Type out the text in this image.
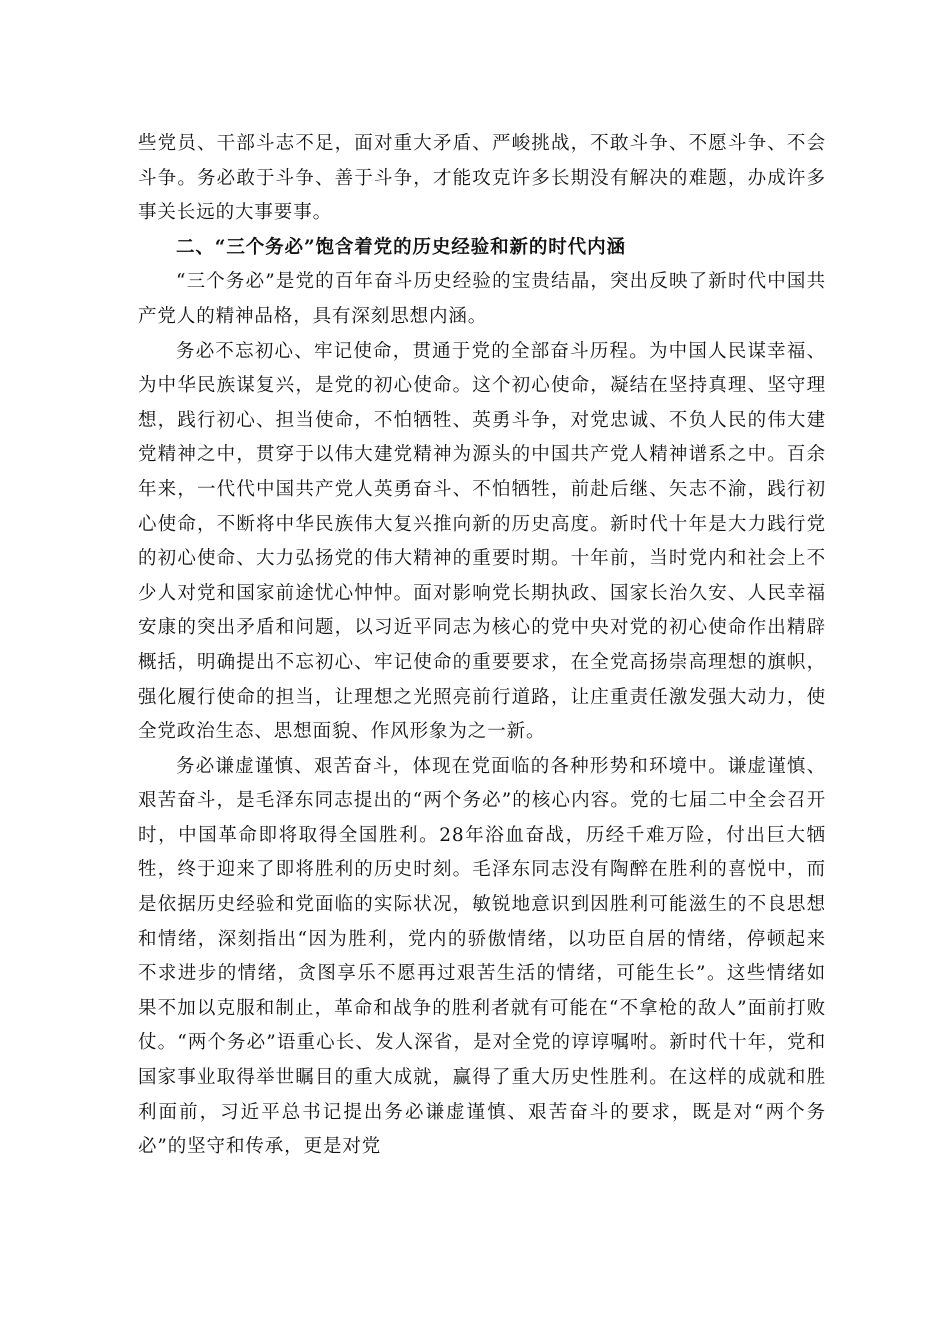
些党员、干部斗志不足，面对重大矛盾、严峻挑战，不敢斗争、不愿斗争、不会斗争。务必敢于斗争、善于斗争，才能攻克许多长期没有解决的难题，办成许多事关长远的大事要事。

二、“三个务必”饱含着党的历史经验和新的时代内涵

“三个务必”是党的百年奋斗历史经验的宝贵结晶，突出反映了新时代中国共产党人的精神品格，具有深刻思想内涵。

务必不忘初心、牢记使命，贯通于党的全部奋斗历程。为中国人民谋幸福、为中华民族谋复兴，是党的初心使命。这个初心使命，凝结在坚持真理、坚守理想，践行初心、担当使命，不怕牺牲、英勇斗争，对党忠诚、不负人民的伟大建党精神之中，贯穿于以伟大建党精神为源头的中国共产党人精神谱系之中。百余年来，一代代中国共产党人英勇奋斗、不怕牺牲，前赴后继、矢志不渝，践行初心使命，不断将中华民族伟大复兴推向新的历史高度。新时代十年是大力践行党的初心使命、大力弘扬党的伟大精神的重要时期。十年前，当时党内和社会上不少人对党和国家前途忧心忡忡。面对影响党长期执政、国家长治久安、人民幸福安康的突出矛盾和问题，以习近平同志为核心的党中央对党的初心使命作出精辟概括，明确提出不忘初心、牢记使命的重要要求，在全党高扬崇高理想的旗帜，强化履行使命的担当，让理想之光照亮前行道路，让庄重责任激发强大动力，使全党政治生态、思想面貌、作风形象为之一新。

务必谦虚谨慎、艰苦奋斗，体现在党面临的各种形势和环境中。谦虚谨慎、艰苦奋斗，是毛泽东同志提出的“两个务必”的核心内容。党的七届二中全会召开时，中国革命即将取得全国胜利。28年浴血奋战，历经千难万险，付出巨大牺牲，终于迎来了即将胜利的历史时刻。毛泽东同志没有陶醉在胜利的喜悦中，而是依据历史经验和党面临的实际状况，敏锐地意识到因胜利可能滋生的不良思想和情绪，深刻指出“因为胜利，党内的骄傲情绪，以功臣自居的情绪，停顿起来不求进步的情绪，贪图享乐不愿再过艰苦生活的情绪，可能生长”。这些情绪如果不加以克服和制止，革命和战争的胜利者就有可能在“不拿枪的敌人”面前打败仗。“两个务必”语重心长、发人深省，是对全党的谆谆嘱咐。新时代十年，党和国家事业取得举世瞩目的重大成就，赢得了重大历史性胜利。在这样的成就和胜利面前，习近平总书记提出务必谦虚谨慎、艰苦奋斗的要求，既是对“两个务必”的坚守和传承，更是对党
